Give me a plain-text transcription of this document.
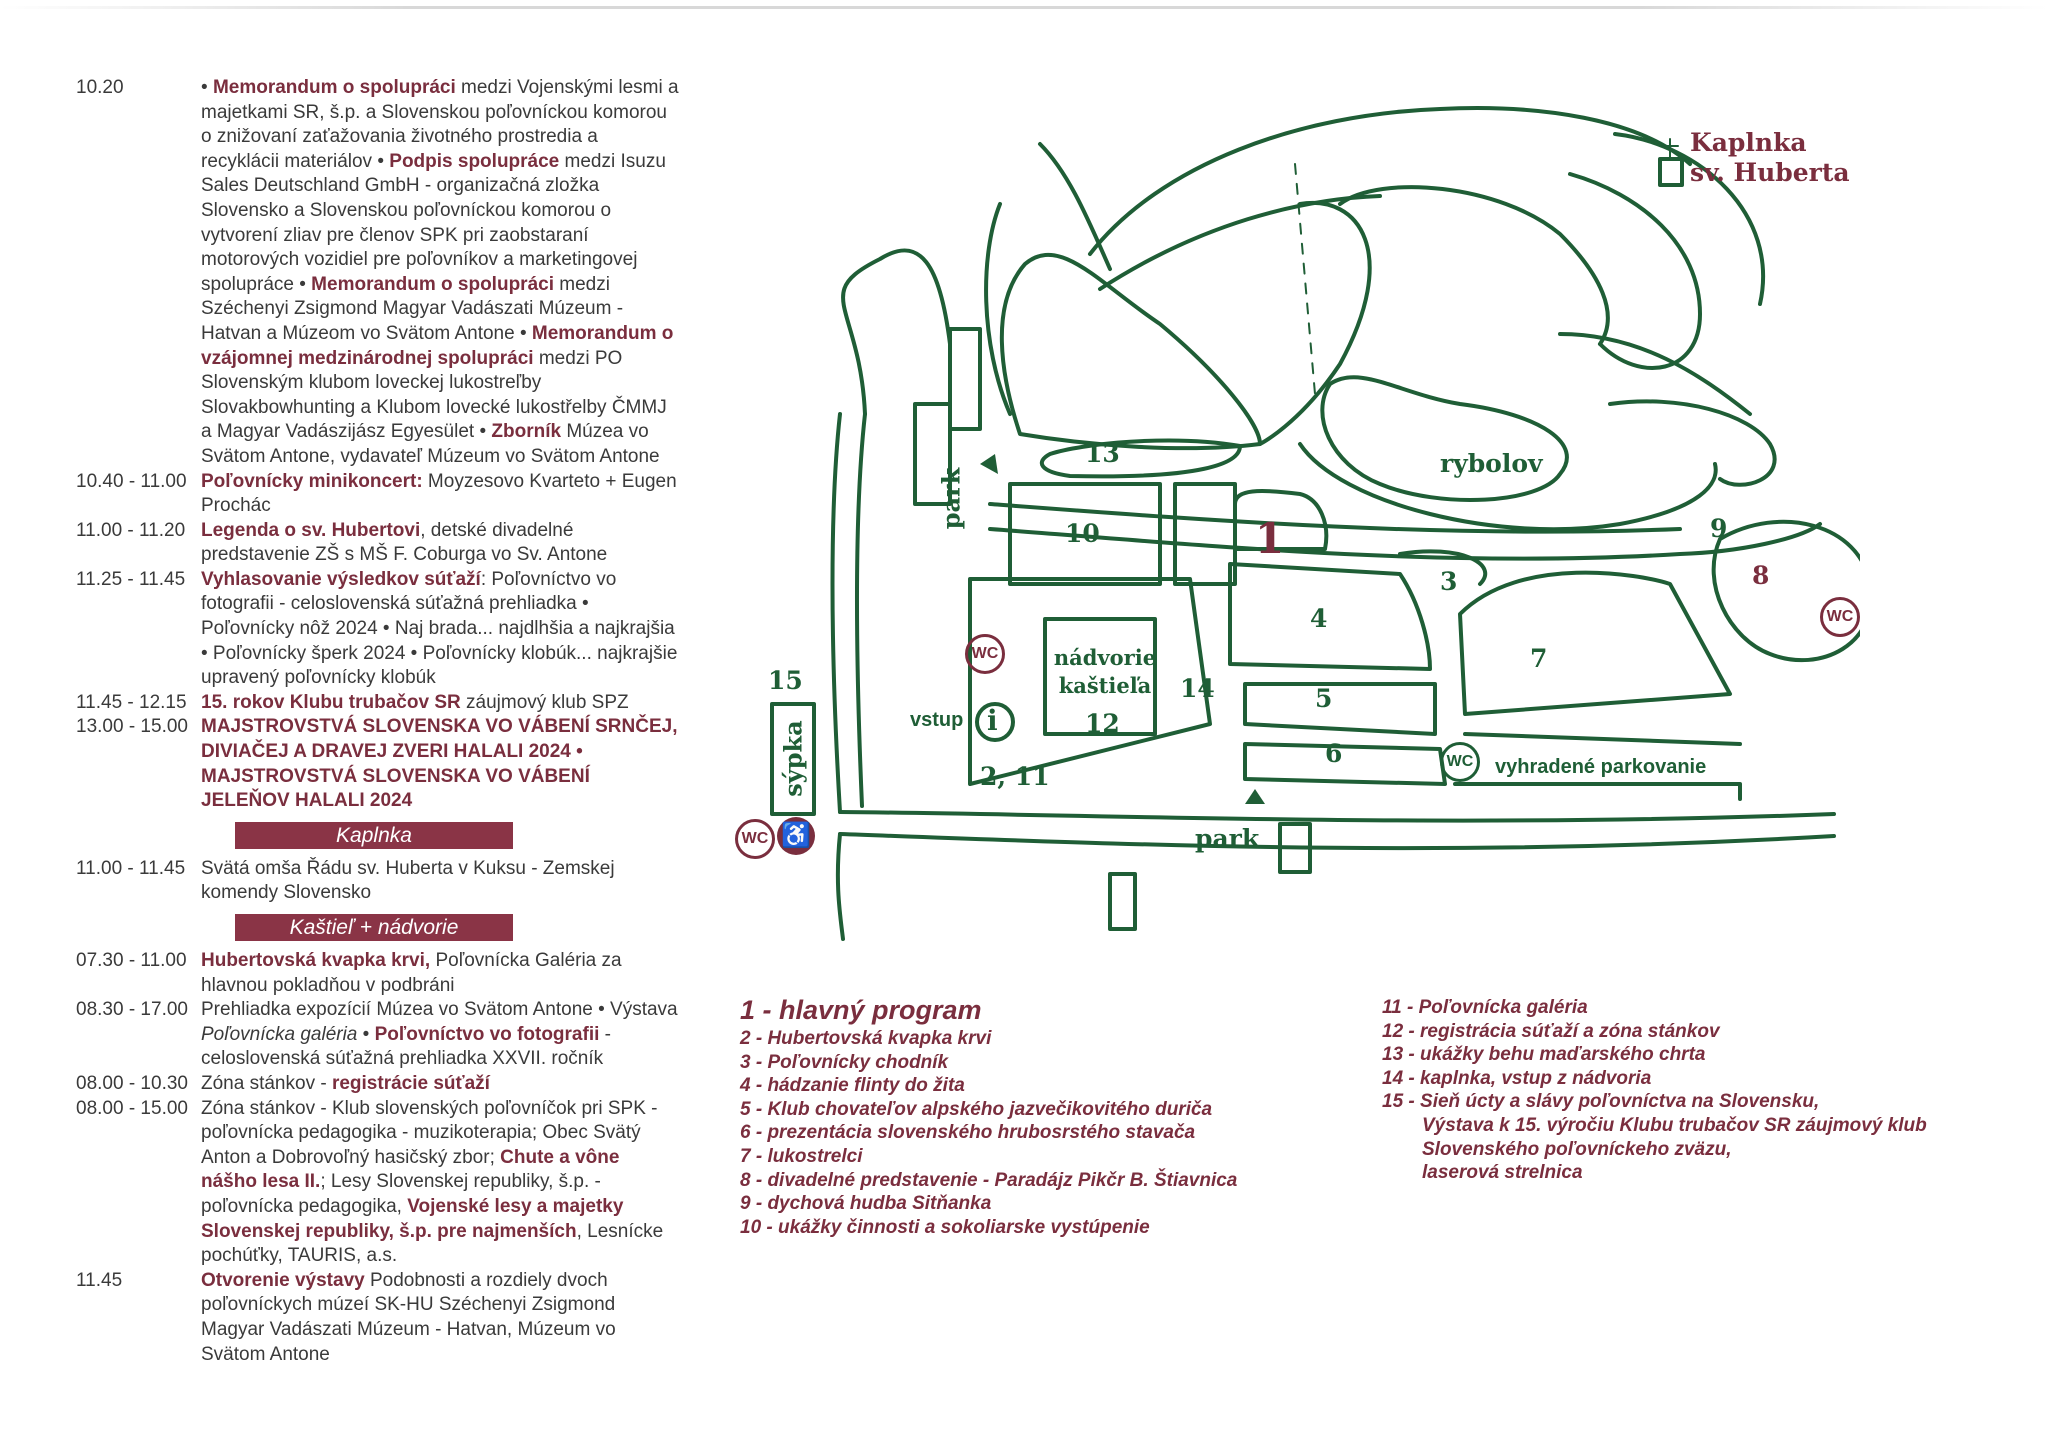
10.20	• Memorandum o spolupráci medzi Vojenskými lesmi a majetkami SR, š.p. a Slovenskou poľovníckou komorou o znižovaní zaťažovania životného prostredia a recyklácii materiálov • Podpis spolupráce medzi Isuzu Sales Deutschland GmbH - organizačná zložka Slovensko a Slovenskou poľovníckou komorou o vytvorení zliav pre členov SPK pri zaobstaraní motorových vozidiel pre poľovníkov a marketingovej spolupráce • Memorandum o spolupráci medzi Széchenyi Zsigmond Magyar Vadászati Múzeum - Hatvan a Múzeom vo Svätom Antone • Memorandum o vzájomnej medzinárodnej spolupráci medzi PO Slovenským klubom loveckej lukostreľby Slovakbowhunting a Klubom lovecké lukostřelby ČMMJ a Magyar Vadászijász Egyesület • Zborník Múzea vo Svätom Antone, vydavateľ Múzeum vo Svätom Antone
10.40 - 11.00 Poľovnícky minikoncert: Moyzesovo Kvarteto + Eugen Prochác
11.00 - 11.20 Legenda o sv. Hubertovi, detské divadelné predstavenie ZŠ s MŠ F. Coburga vo Sv. Antone
11.25 - 11.45 Vyhlasovanie výsledkov súťaží: Poľovníctvo vo fotografii - celoslovenská súťažná prehliadka • Poľovnícky nôž 2024 • Naj brada... najdlhšia a najkrajšia • Poľovnícky šperk 2024 • Poľovnícky klobúk... najkrajšie upravený poľovnícky klobúk
11.45 - 12.15 15. rokov Klubu trubačov SR záujmový klub SPZ
13.00 - 15.00 MAJSTROVSTVÁ SLOVENSKA VO VÁBENÍ SRNČEJ, DIVIAČEJ A DRAVEJ ZVERI HALALI 2024 • MAJSTROVSTVÁ SLOVENSKA VO VÁBENÍ JELEŇOV HALALI 2024
Kaplnka
11.00 - 11.45 Svätá omša Řádu sv. Huberta v Kuksu - Zemskej komendy Slovensko
Kaštieľ + nádvorie
07.30 - 11.00 Hubertovská kvapka krvi, Poľovnícka Galéria za hlavnou pokladňou v podbráni
08.30 - 17.00 Prehliadka expozícií Múzea vo Svätom Antone • Výstava Poľovnícka galéria • Poľovníctvo vo fotografii - celoslovenská súťažná prehliadka XXVII. ročník
08.00 - 10.30 Zóna stánkov - registrácie súťaží
08.00 - 15.00 Zóna stánkov - Klub slovenských poľovníčok pri SPK - poľovnícka pedagogika - muzikoterapia; Obec Svätý Anton a Dobrovoľný hasičský zbor; Chute a vône nášho lesa II.; Lesy Slovenskej republiky, š.p. - poľovnícka pedagogika, Vojenské lesy a majetky Slovenskej republiky, š.p. pre najmenších, Lesnícke pochúťky, TAURIS, a.s.
11.45	Otvorenie výstavy Podobnosti a rozdiely dvoch poľovníckych múzeí SK-HU Széchenyi Zsigmond Magyar Vadászati Múzeum - Hatvan, Múzeum vo Svätom Antone
Kaplnka
sv. Huberta
rybolov
nádvorie
kaštieľa
vstup i
park
park
sýpka	vyhradené parkovanie
1
2, 11
3
4
5
6
7
8
9
10
12
13
14
15
WC ♿
WC
WC
WC
1 - hlavný program
2 - Hubertovská kvapka krvi
3 - Poľovnícky chodník
4 - hádzanie flinty do žita
5 - Klub chovateľov alpského jazvečikovitého duriča
6 - prezentácia slovenského hrubosrstého stavača
7 - lukostrelci
8 - divadelné predstavenie - Paradájz Pikčr B. Štiavnica
9 - dychová hudba Sitňanka
10 - ukážky činnosti a sokoliarske vystúpenie
11 - Poľovnícka galéria
12 - registrácia súťaží a zóna stánkov
13 - ukážky behu maďarského chrta
14 - kaplnka, vstup z nádvoria
15 - Sieň úcty a slávy poľovníctva na Slovensku,
Výstava k 15. výročiu Klubu trubačov SR záujmový klub
Slovenského poľovníckeho zväzu,
laserová strelnica
